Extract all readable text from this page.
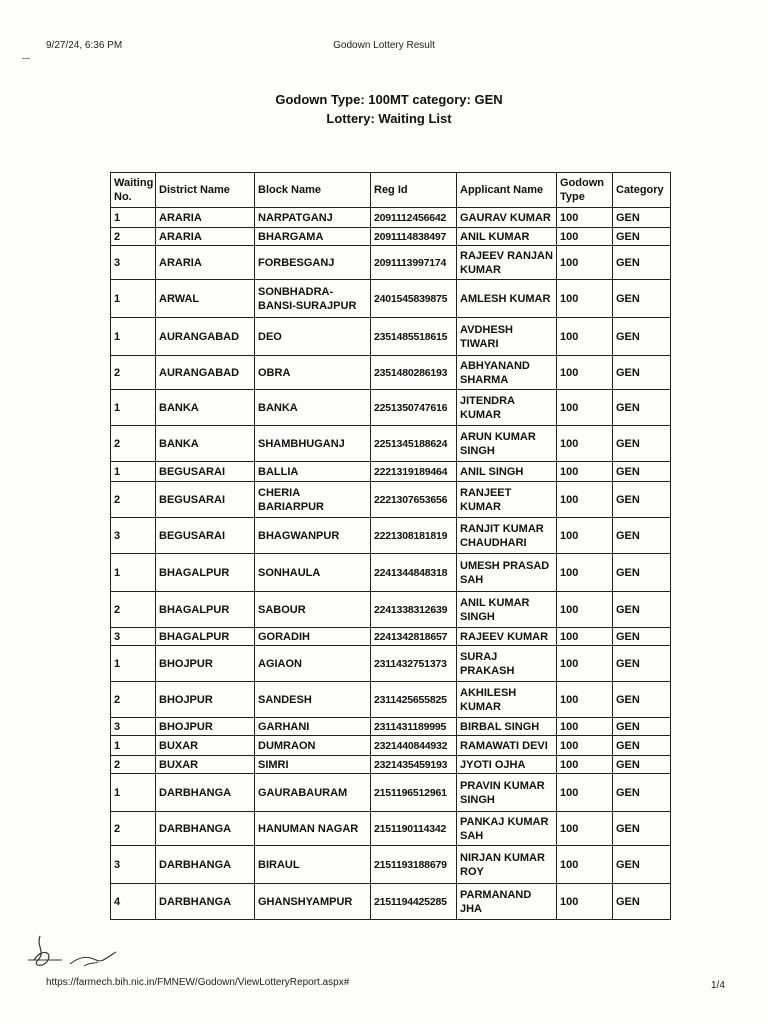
9/27/24, 6:36 PM	Godown Lottery Result
Godown Type: 100MT category: GEN
Lottery: Waiting List
Waiting No.	District Name	Block Name	Reg Id	Applicant Name	Godown Type	Category
1	ARARIA	NARPATGANJ	2091112456642	GAURAV KUMAR	100	GEN
2	ARARIA	BHARGAMA	2091114838497	ANIL KUMAR	100	GEN
3	ARARIA	FORBESGANJ	2091113997174	RAJEEV RANJAN KUMAR	100	GEN
1	ARWAL	SONBHADRA-BANSI-SURAJPUR	2401545839875	AMLESH KUMAR	100	GEN
1	AURANGABAD	DEO	2351485518615	AVDHESH TIWARI	100	GEN
2	AURANGABAD	OBRA	2351480286193	ABHYANAND SHARMA	100	GEN
1	BANKA	BANKA	2251350747616	JITENDRA KUMAR	100	GEN
2	BANKA	SHAMBHUGANJ	2251345188624	ARUN KUMAR SINGH	100	GEN
1	BEGUSARAI	BALLIA	2221319189464	ANIL SINGH	100	GEN
2	BEGUSARAI	CHERIA BARIARPUR	2221307653656	RANJEET KUMAR	100	GEN
3	BEGUSARAI	BHAGWANPUR	2221308181819	RANJIT KUMAR CHAUDHARI	100	GEN
1	BHAGALPUR	SONHAULA	2241344848318	UMESH PRASAD SAH	100	GEN
2	BHAGALPUR	SABOUR	2241338312639	ANIL KUMAR SINGH	100	GEN
3	BHAGALPUR	GORADIH	2241342818657	RAJEEV KUMAR	100	GEN
1	BHOJPUR	AGIAON	2311432751373	SURAJ PRAKASH	100	GEN
2	BHOJPUR	SANDESH	2311425655825	AKHILESH KUMAR	100	GEN
3	BHOJPUR	GARHANI	2311431189995	BIRBAL SINGH	100	GEN
1	BUXAR	DUMRAON	2321440844932	RAMAWATI DEVI	100	GEN
2	BUXAR	SIMRI	2321435459193	JYOTI OJHA	100	GEN
1	DARBHANGA	GAURABAURAM	2151196512961	PRAVIN KUMAR SINGH	100	GEN
2	DARBHANGA	HANUMAN NAGAR	2151190114342	PANKAJ KUMAR SAH	100	GEN
3	DARBHANGA	BIRAUL	2151193188679	NIRJAN KUMAR ROY	100	GEN
4	DARBHANGA	GHANSHYAMPUR	2151194425285	PARMANAND JHA	100	GEN
https://farmech.bih.nic.in/FMNEW/Godown/ViewLotteryReport.aspx#	1/4
